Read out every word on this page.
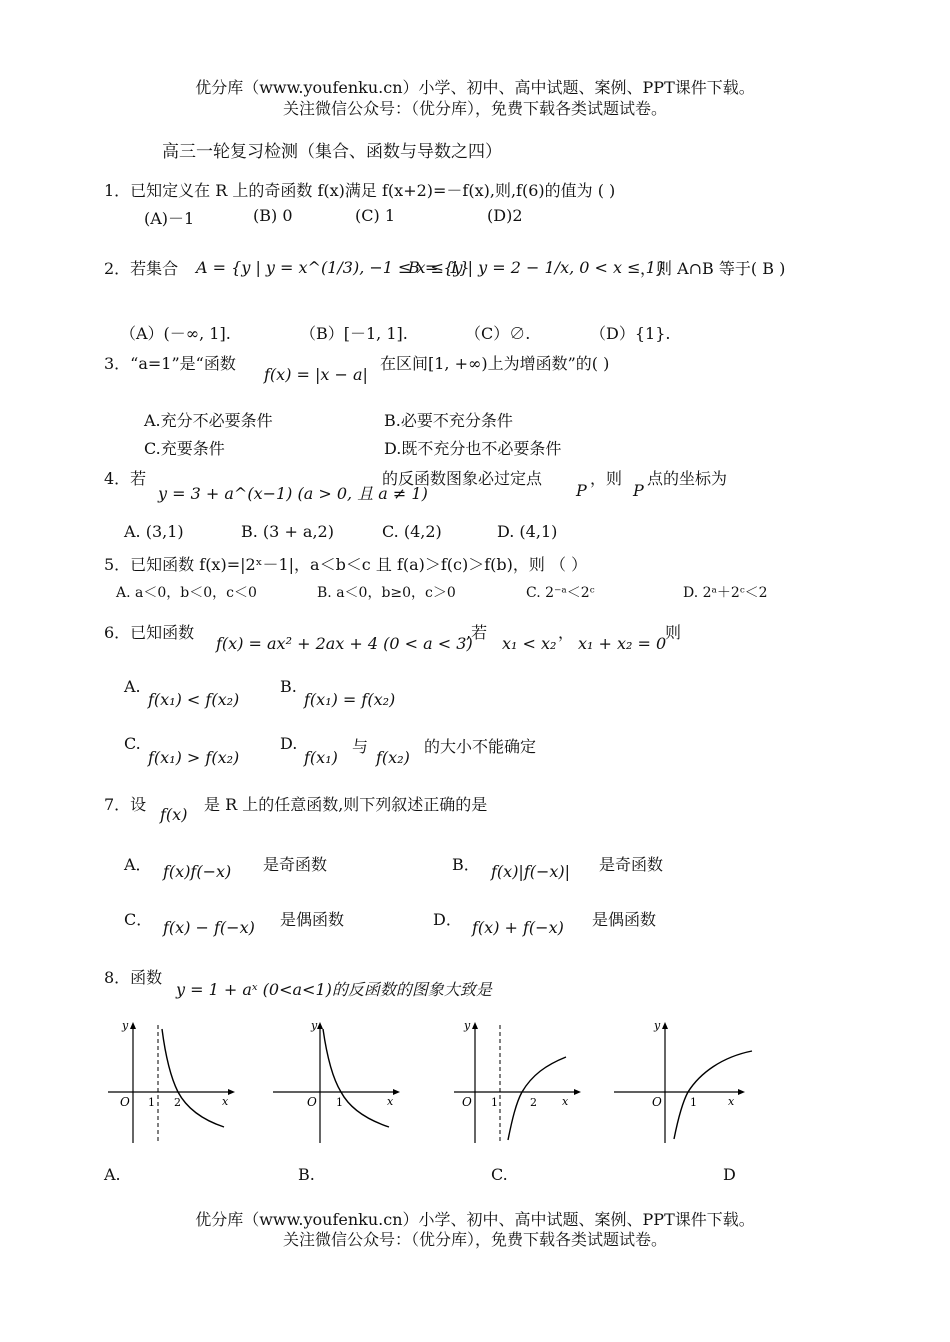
优分库（www.youfenku.cn）小学、初中、高中试题、案例、PPT课件下载。
关注微信公众号：（优分库），免费下载各类试题试卷。
高三一轮复习检测（集合、函数与导数之四）
1．已知定义在 R 上的奇函数 f(x)满足 f(x+2)=－f(x),则,f(6)的值为 ( )
(A)－1	(B) 0	(C) 1	(D)2
2．若集合 A = {y | y = x^(1/3), −1 ≤ x ≤ 1}
B = {y | y = 2 − 1/x, 0 < x ≤ 1}
，则 A∩B 等于( B )
（A）(－∞, 1].	（B）[－1, 1].	（C）∅.	（D）{1}.
3．“a=1”是“函数
f(x) = |x − a|
在区间[1, +∞)上为增函数”的( )
A.充分不必要条件	B.必要不充分条件
C.充要条件	D.既不充分也不必要条件
4．若
y = 3 + a^(x−1) (a > 0, 且 a ≠ 1)
的反函数图象必过定点
P
，则
P
点的坐标为
A. (3,1)	B. (3 + a,2)	C. (4,2)	D. (4,1)
5．已知函数 f(x)=|2ˣ－1|，a＜b＜c 且 f(a)＞f(c)＞f(b)，则 （ ）
A. a＜0，b＜0，c＜0	B. a＜0，b≥0，c＞0	C. 2⁻ᵃ＜2ᶜ	D. 2ᵃ＋2ᶜ＜2
6．已知函数
f(x) = ax² + 2ax + 4 (0 < a < 3)
,若
x₁ < x₂
，
x₁ + x₂ = 0
则
A.
f(x₁) < f(x₂)
B.
f(x₁) = f(x₂)
C.
f(x₁) > f(x₂)
D.
f(x₁)
与
f(x₂)
的大小不能确定
7．设
f(x)
是 R 上的任意函数,则下列叙述正确的是
A． f(x)f(−x) 是奇函数	B． f(x)|f(−x)| 是奇函数
C． f(x) − f(−x) 是偶函数	D． f(x) + f(−x) 是偶函数
8．函数
y = 1 + aˣ (0<a<1)的反函数的图象大致是
y
x
O 1 2
y
x
O 1
y
x
O 1	2
y
x
O	1
A.	B.	C.	D
优分库（www.youfenku.cn）小学、初中、高中试题、案例、PPT课件下载。
关注微信公众号：（优分库），免费下载各类试题试卷。
